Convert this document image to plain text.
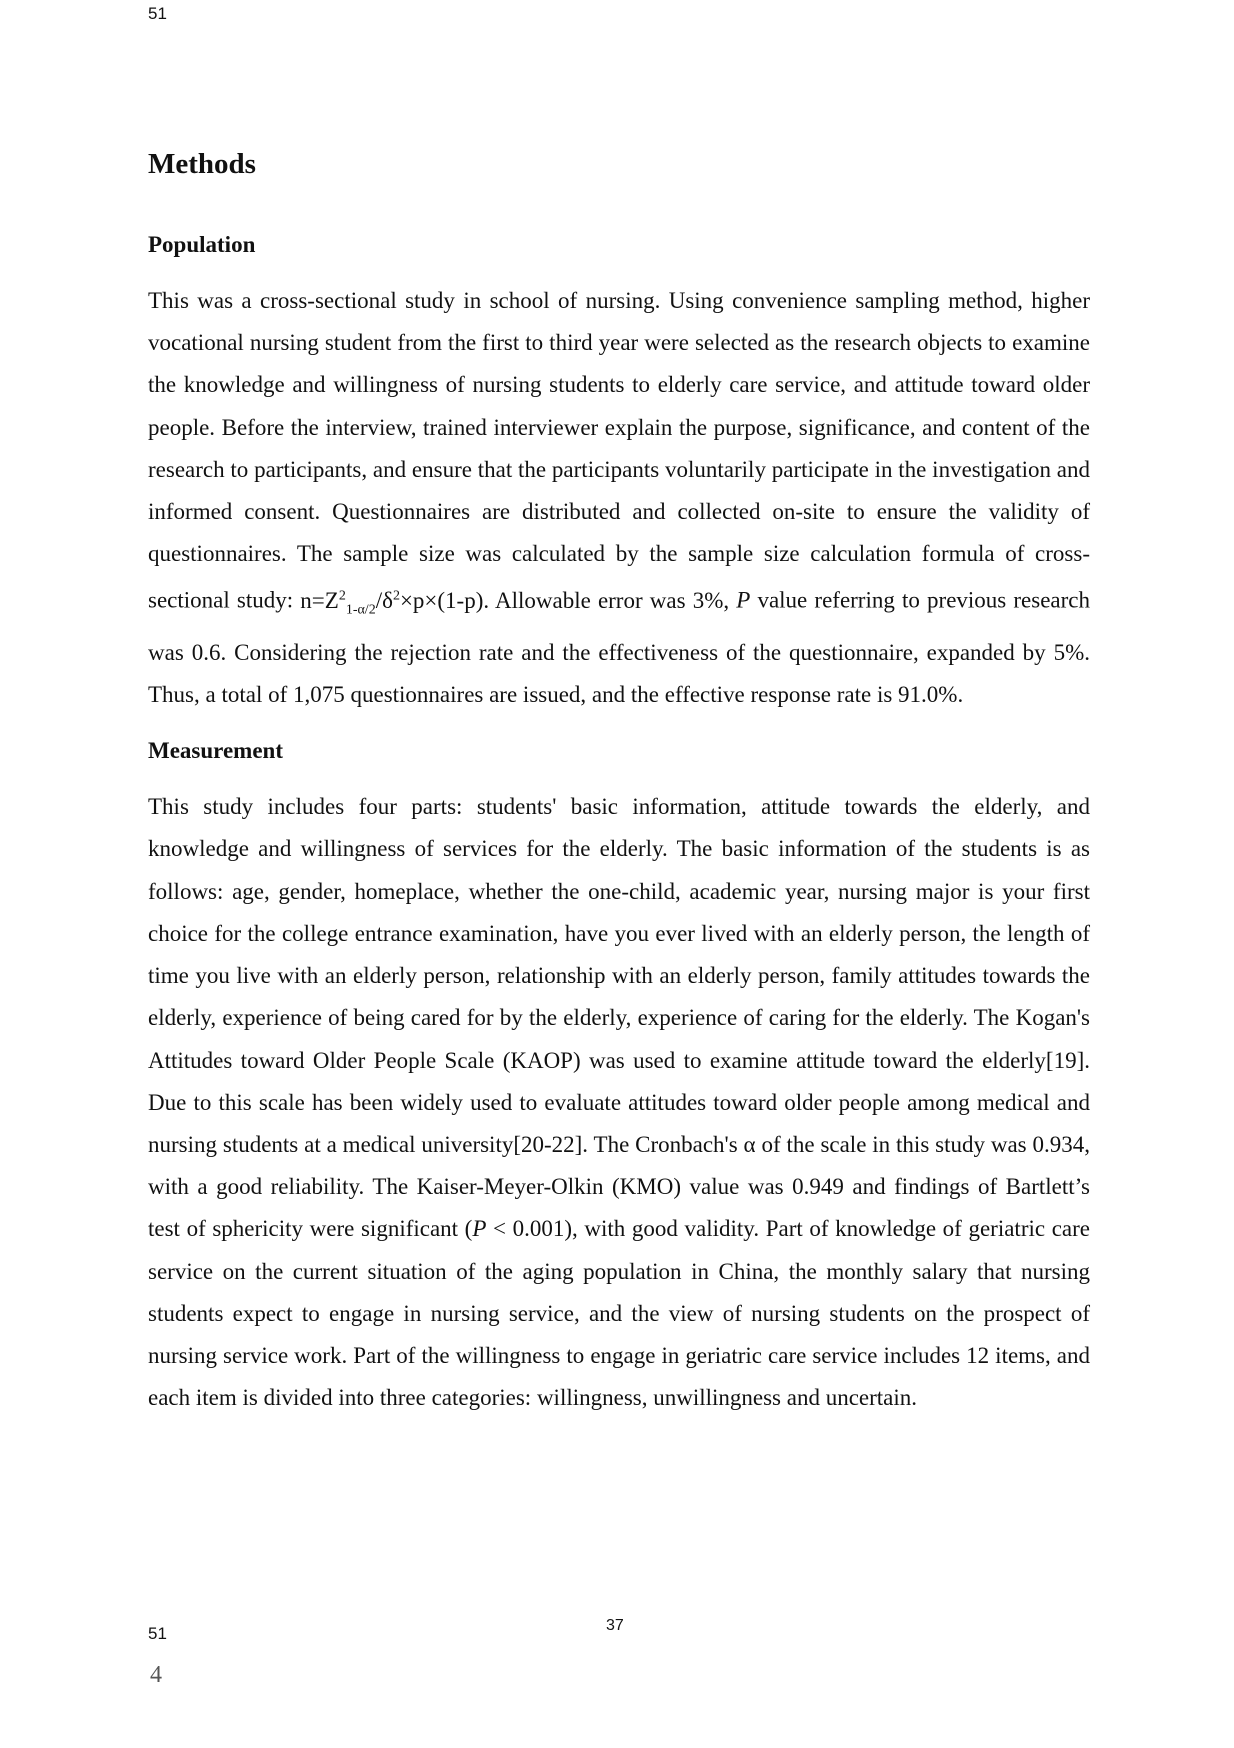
51
Methods
Population

This was a cross-sectional study in school of nursing. Using convenience sampling method, higher vocational nursing student from the first to third year were selected as the research objects to examine the knowledge and willingness of nursing students to elderly care service, and attitude toward older people. Before the interview, trained interviewer explain the purpose, significance, and content of the research to participants, and ensure that the participants voluntarily participate in the investigation and informed consent. Questionnaires are distributed and collected on-site to ensure the validity of questionnaires. The sample size was calculated by the sample size calculation formula of cross-sectional study: $n=Z^2_{1-\alpha/2}/\delta^2\times p\times(1-p)$. Allowable error was 3%, P value referring to previous research was 0.6. Considering the rejection rate and the effectiveness of the questionnaire, expanded by 5%. Thus, a total of 1,075 questionnaires are issued, and the effective response rate is 91.0%.

Measurement

This study includes four parts: students' basic information, attitude towards the elderly, and knowledge and willingness of services for the elderly. The basic information of the students is as follows: age, gender, homeplace, whether the one-child, academic year, nursing major is your first choice for the college entrance examination, have you ever lived with an elderly person, the length of time you live with an elderly person, relationship with an elderly person, family attitudes towards the elderly, experience of being cared for by the elderly, experience of caring for the elderly. The Kogan's Attitudes toward Older People Scale (KAOP) was used to examine attitude toward the elderly[19]. Due to this scale has been widely used to evaluate attitudes toward older people among medical and nursing students at a medical university[20-22]. The Cronbach's α of the scale in this study was 0.934, with a good reliability. The Kaiser-Meyer-Olkin (KMO) value was 0.949 and findings of Bartlett’s test of sphericity were significant (P < 0.001), with good validity. Part of knowledge of geriatric care service on the current situation of the aging population in China, the monthly salary that nursing students expect to engage in nursing service, and the view of nursing students on the prospect of nursing service work. Part of the willingness to engage in geriatric care service includes 12 items, and each item is divided into three categories: willingness, unwillingness and uncertain.

51	37
4
